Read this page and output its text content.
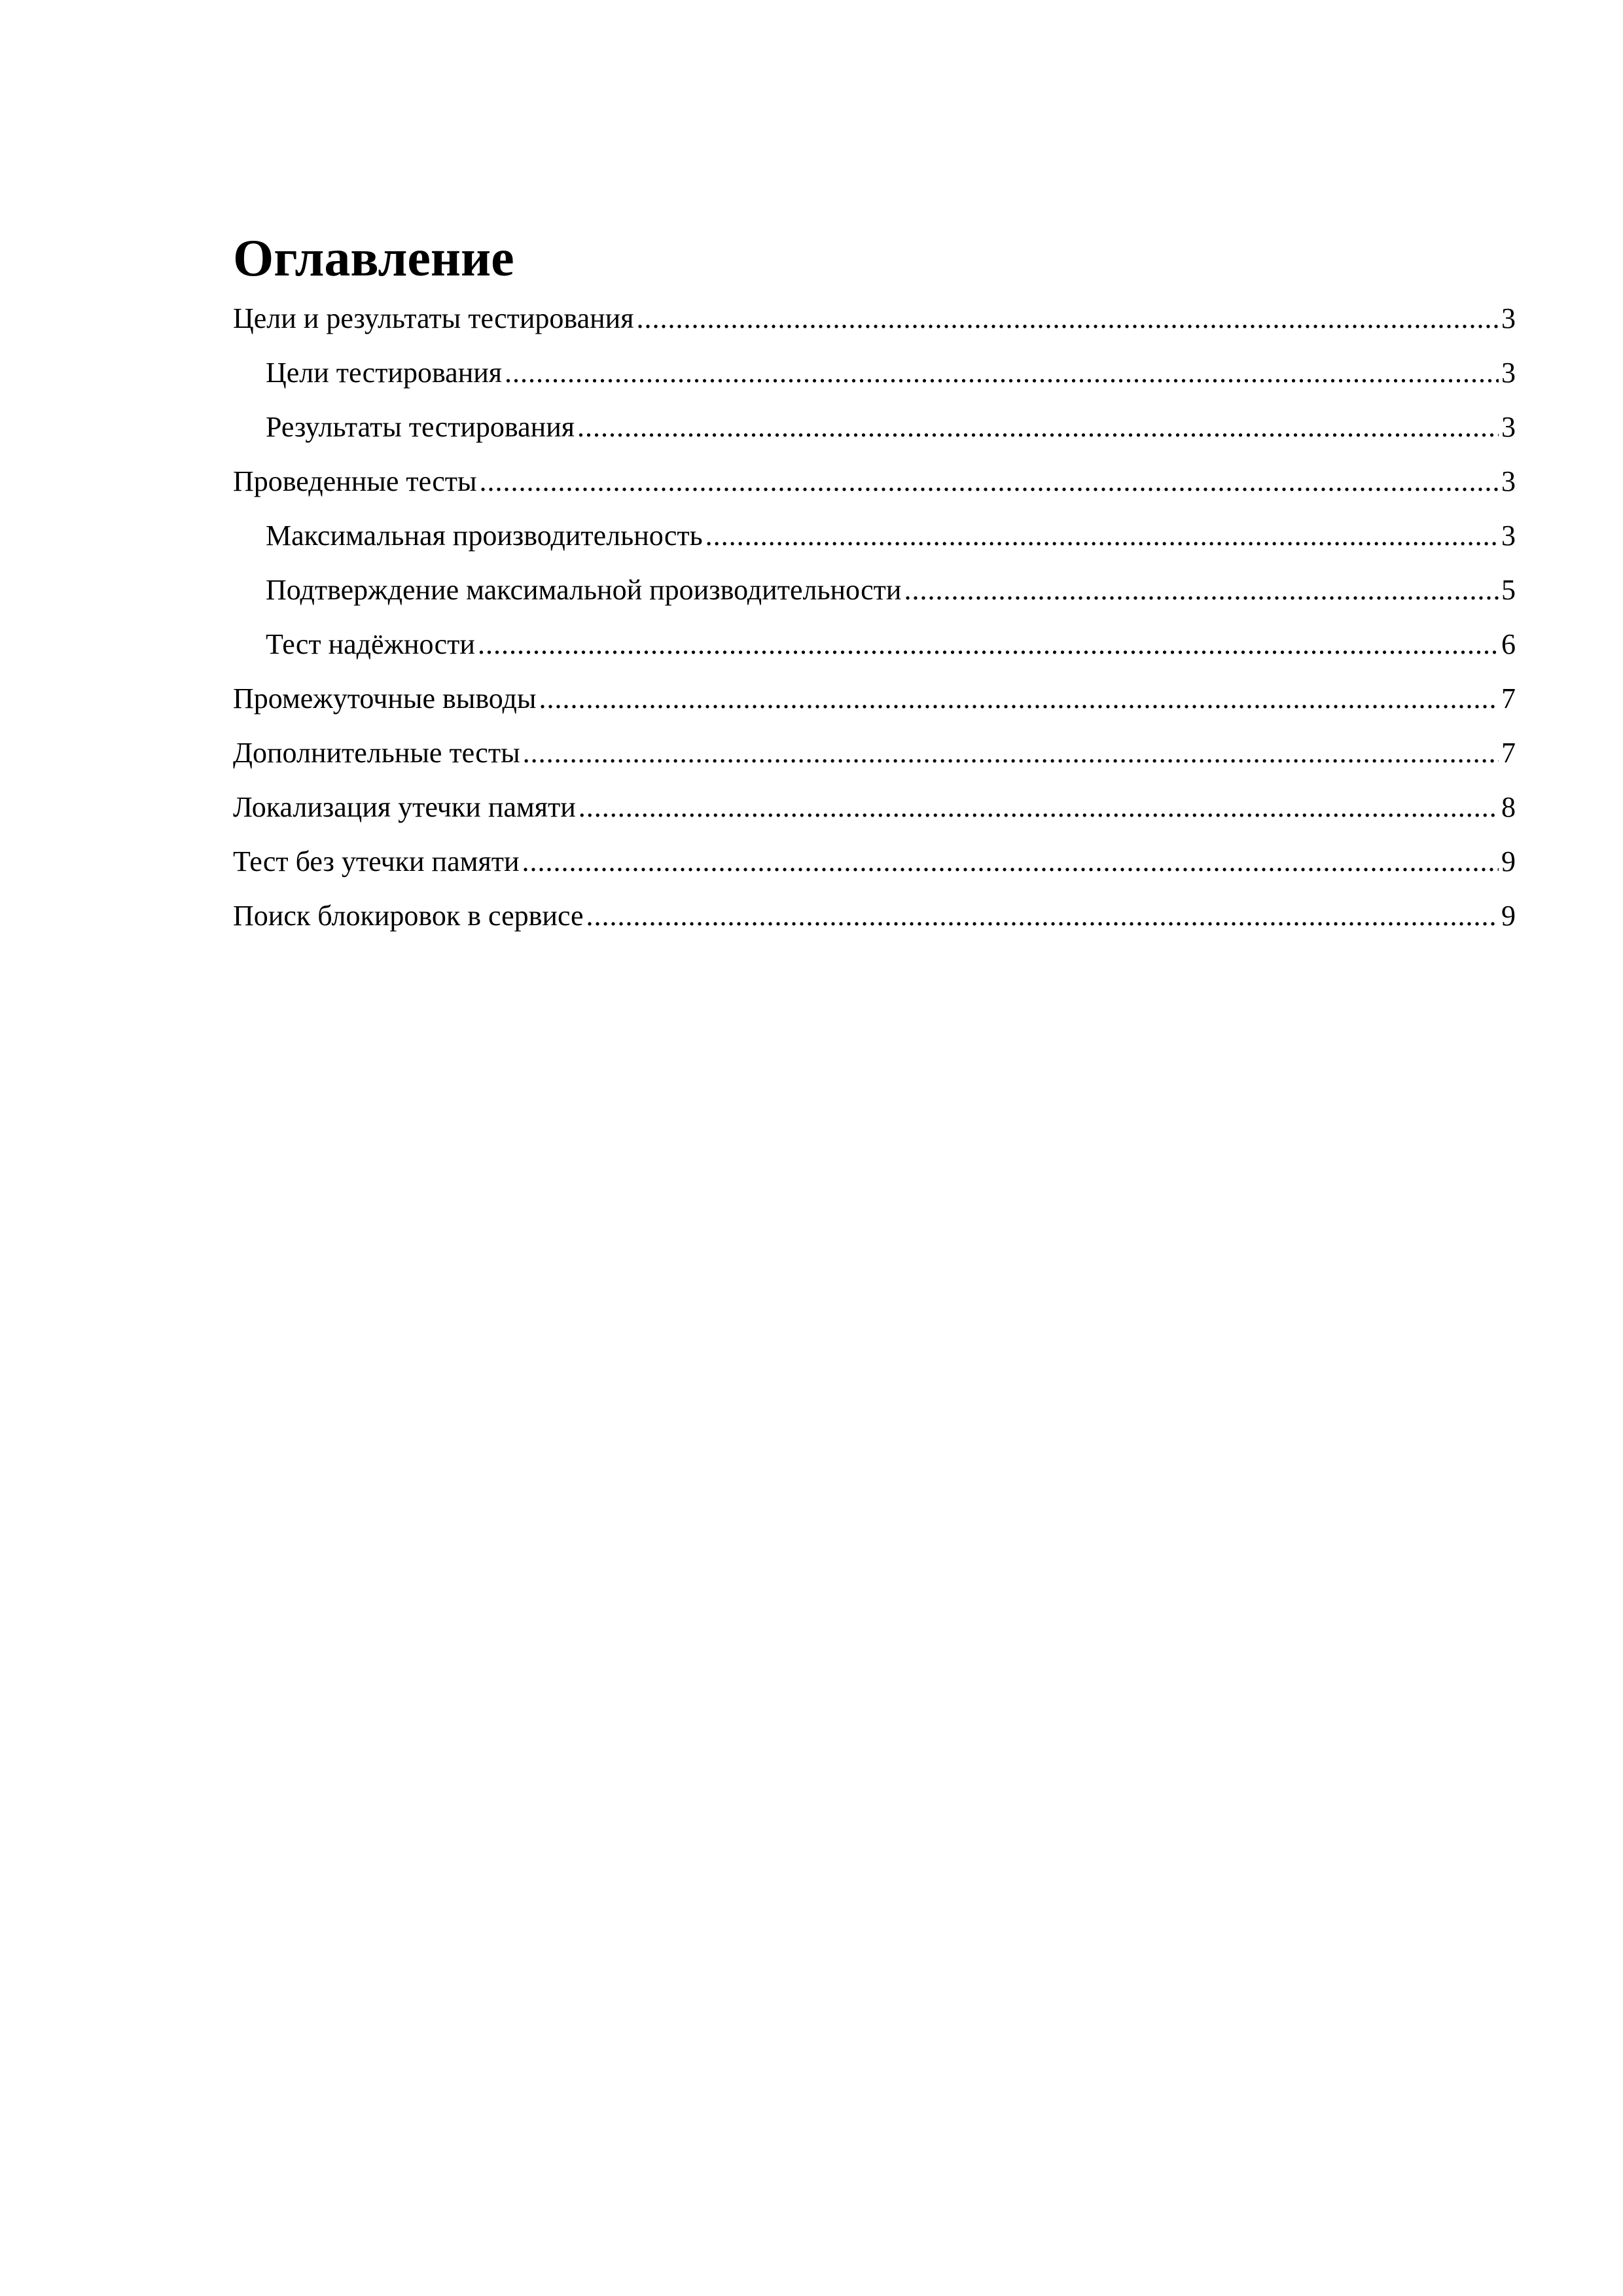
Оглавление
Цели и результаты тестирования .....	3
Цели тестирования .....	3
Результаты тестирования .....	3
Проведенные тесты .....	3
Максимальная производительность .....	3
Подтверждение максимальной производительности .....	5
Тест надёжности .....	6
Промежуточные выводы .....	7
Дополнительные тесты .....	7
Локализация утечки памяти .....	8
Тест без утечки памяти .....	9
Поиск блокировок в сервисе .....	9
